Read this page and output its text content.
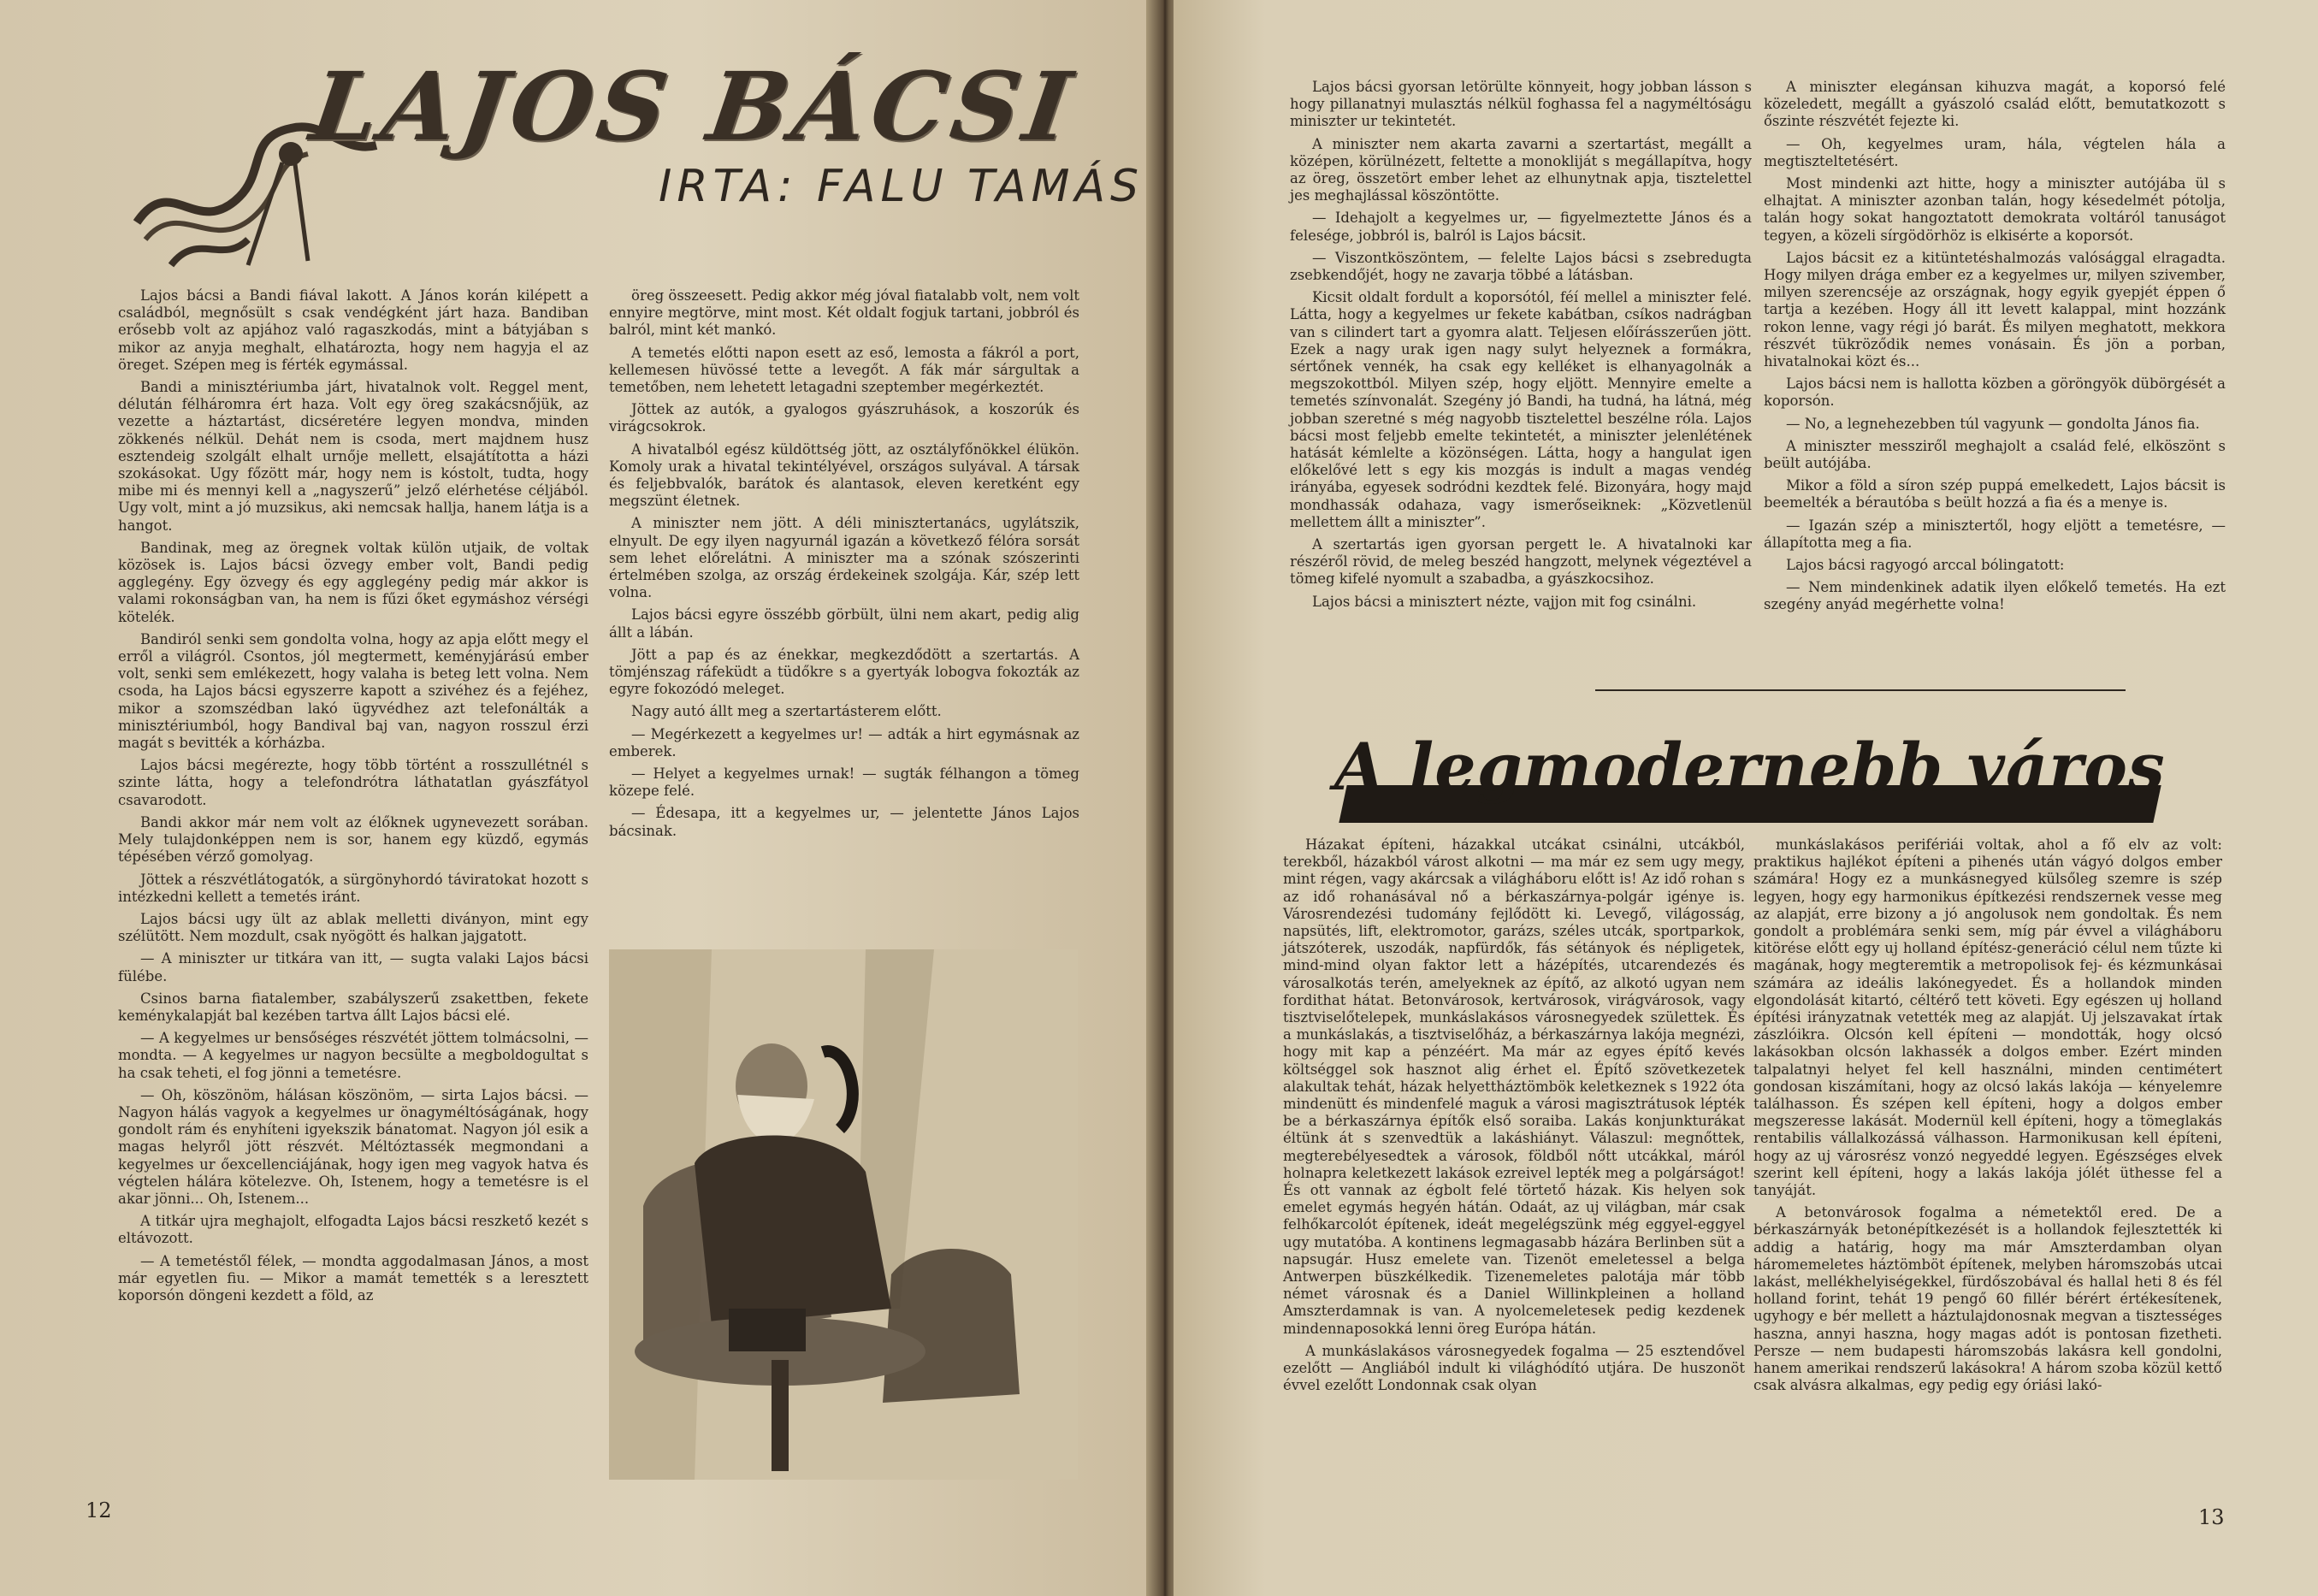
LAJOS BÁCSI
IRTA: FALU TAMÁS

Lajos bácsi a Bandi fiával lakott. A János korán kilépett a családból, megnősült s csak vendégként járt haza. Bandiban erősebb volt az apjához való ragaszkodás, mint a bátyjában s mikor az anyja meghalt, elhatározta, hogy nem hagyja el az öreget. Szépen meg is férték egymással.

Bandi a minisztériumba járt, hivatalnok volt. Reggel ment, délután félháromra ért haza. Volt egy öreg szakácsnőjük, az vezette a háztartást, dicséretére legyen mondva, minden zökkenés nélkül. Dehát nem is csoda, mert majdnem husz esztendeig szolgált elhalt urnője mellett, elsajátította a házi szokásokat. Ugy főzött már, hogy nem is kóstolt, tudta, hogy mibe mi és mennyi kell a „nagyszerű” jelző elérhetése céljából. Ugy volt, mint a jó muzsikus, aki nemcsak hallja, hanem látja is a hangot.

Bandinak, meg az öregnek voltak külön utjaik, de voltak közösek is. Lajos bácsi özvegy ember volt, Bandi pedig agglegény. Egy özvegy és egy agglegény pedig már akkor is valami rokonságban van, ha nem is fűzi őket egymáshoz vérségi kötelék.

Bandiról senki sem gondolta volna, hogy az apja előtt megy el erről a világról. Csontos, jól megtermett, keményjárású ember volt, senki sem emlékezett, hogy valaha is beteg lett volna. Nem csoda, ha Lajos bácsi egyszerre kapott a szivéhez és a fejéhez, mikor a szomszédban lakó ügyvédhez azt telefonálták a minisztériumból, hogy Bandival baj van, nagyon rosszul érzi magát s bevitték a kórházba.

Lajos bácsi megérezte, hogy több történt a rosszullétnél s szinte látta, hogy a telefondrótra láthatatlan gyászfátyol csavarodott.

Bandi akkor már nem volt az élőknek ugynevezett sorában. Mely tulajdonképpen nem is sor, hanem egy küzdő, egymás tépésében vérző gomolyag.

Jöttek a részvétlátogatók, a sürgönyhordó táviratokat hozott s intézkedni kellett a temetés iránt.

Lajos bácsi ugy ült az ablak melletti diványon, mint egy szélütött. Nem mozdult, csak nyögött és halkan jajgatott.

— A miniszter ur titkára van itt, — sugta valaki Lajos bácsi fülébe.

Csinos barna fiatalember, szabályszerű zsakettben, fekete keménykalapját bal kezében tartva állt Lajos bácsi elé.

— A kegyelmes ur bensőséges részvétét jöttem tolmácsolni, — mondta. — A kegyelmes ur nagyon becsülte a megboldogultat s ha csak teheti, el fog jönni a temetésre.

— Oh, köszönöm, hálásan köszönöm, — sirta Lajos bácsi. — Nagyon hálás vagyok a kegyelmes ur önagyméltóságának, hogy gondolt rám és enyhíteni igyekszik bánatomat. Nagyon jól esik a magas helyről jött részvét. Méltóztassék megmondani a kegyelmes ur őexcellenciájának, hogy igen meg vagyok hatva és végtelen hálára kötelezve. Oh, Istenem, hogy a temetésre is el akar jönni... Oh, Istenem...

A titkár ujra meghajolt, elfogadta Lajos bácsi reszkető kezét s eltávozott.

— A temetéstől félek, — mondta aggodalmasan János, a most már egyetlen fiu. — Mikor a mamát temették s a leresztett koporsón döngeni kezdett a föld, az

öreg összeesett. Pedig akkor még jóval fiatalabb volt, nem volt ennyire megtörve, mint most. Két oldalt fogjuk tartani, jobbról és balról, mint két mankó.

A temetés előtti napon esett az eső, lemosta a fákról a port, kellemesen hüvössé tette a levegőt. A fák már sárgultak a temetőben, nem lehetett letagadni szeptember megérkeztét.

Jöttek az autók, a gyalogos gyászruhások, a koszorúk és virágcsokrok.

A hivatalból egész küldöttség jött, az osztályfőnökkel élükön. Komoly urak a hivatal tekintélyével, országos sulyával. A társak és feljebbvalók, barátok és alantasok, eleven keretként egy megszünt életnek.

A miniszter nem jött. A déli minisztertanács, ugylátszik, elnyult. De egy ilyen nagyurnál igazán a következő félóra sorsát sem lehet előrelátni. A miniszter ma a szónak szószerinti értelmében szolga, az ország érdekeinek szolgája. Kár, szép lett volna.

Lajos bácsi egyre összébb görbült, ülni nem akart, pedig alig állt a lábán.

Jött a pap és az énekkar, megkezdődött a szertartás. A tömjénszag ráfeküdt a tüdőkre s a gyertyák lobogva fokozták az egyre fokozódó meleget.

Nagy autó állt meg a szertartásterem előtt.

— Megérkezett a kegyelmes ur! — adták a hirt egymásnak az emberek.

— Helyet a kegyelmes urnak! — sugták félhangon a tömeg közepe felé.

— Édesapa, itt a kegyelmes ur, — jelentette János Lajos bácsinak.

12

Lajos bácsi gyorsan letörülte könnyeit, hogy jobban lásson s hogy pillanatnyi mulasztás nélkül foghassa fel a nagyméltóságu miniszter ur tekintetét.

A miniszter nem akarta zavarni a szertartást, megállt a középen, körülnézett, feltette a monokliját s megállapítva, hogy az öreg, összetört ember lehet az elhunytnak apja, tisztelettel jes meghajlással köszöntötte.

— Idehajolt a kegyelmes ur, — figyelmeztette János és a felesége, jobbról is, balról is Lajos bácsit.

— Viszontköszöntem, — felelte Lajos bácsi s zsebredugta zsebkendőjét, hogy ne zavarja többé a látásban.

Kicsit oldalt fordult a koporsótól, féí mellel a miniszter felé. Látta, hogy a kegyelmes ur fekete kabátban, csíkos nadrágban van s cilindert tart a gyomra alatt. Teljesen előírásszerűen jött. Ezek a nagy urak igen nagy sulyt helyeznek a formákra, sértőnek vennék, ha csak egy kelléket is elhanyagolnák a megszokottból. Milyen szép, hogy eljött. Mennyire emelte a temetés színvonalát. Szegény jó Bandi, ha tudná, ha látná, még jobban szeretné s még nagyobb tisztelettel beszélne róla. Lajos bácsi most feljebb emelte tekintetét, a miniszter jelenlétének hatását kémlelte a közönségen. Látta, hogy a hangulat igen előkelővé lett s egy kis mozgás is indult a magas vendég irányába, egyesek sodródni kezdtek felé. Bizonyára, hogy majd mondhassák odahaza, vagy ismerőseiknek: „Közvetlenül mellettem állt a miniszter”.

A szertartás igen gyorsan pergett le. A hivatalnoki kar részéről rövid, de meleg beszéd hangzott, melynek végeztével a tömeg kifelé nyomult a szabadba, a gyászkocsihoz.

Lajos bácsi a minisztert nézte, vajjon mit fog csinálni.

A miniszter elegánsan kihuzva magát, a koporsó felé közeledett, megállt a gyászoló család előtt, bemutatkozott s őszinte részvétét fejezte ki.

— Oh, kegyelmes uram, hála, végtelen hála a megtiszteltetésért.

Most mindenki azt hitte, hogy a miniszter autójába ül s elhajtat. A miniszter azonban talán, hogy késedelmét pótolja, talán hogy sokat hangoztatott demokrata voltáról tanuságot tegyen, a közeli sírgödörhöz is elkisérte a koporsót.

Lajos bácsit ez a kitüntetéshalmozás valósággal elragadta. Hogy milyen drága ember ez a kegyelmes ur, milyen szivember, milyen szerencséje az országnak, hogy egyik gyepjét éppen ő tartja a kezében. Hogy áll itt levett kalappal, mint hozzánk rokon lenne, vagy régi jó barát. És milyen meghatott, mekkora részvét tükröződik nemes vonásain. És jön a porban, hivatalnokai közt és...

Lajos bácsi nem is hallotta közben a göröngyök dübörgését a koporsón.

— No, a legnehezebben túl vagyunk — gondolta János fia.

A miniszter messziről meghajolt a család felé, elköszönt s beült autójába.

Mikor a föld a síron szép puppá emelkedett, Lajos bácsit is beemelték a bérautóba s beült hozzá a fia és a menye is.

— Igazán szép a minisztertől, hogy eljött a temetésre, — állapította meg a fia.

Lajos bácsi ragyogó arccal bólingatott:

— Nem mindenkinek adatik ilyen előkelő temetés. Ha ezt szegény anyád megérhette volna!

A legmodernebb város

Házakat építeni, házakkal utcákat csinálni, utcákból, terekből, házakból várost alkotni — ma már ez sem ugy megy, mint régen, vagy akárcsak a világháboru előtt is! Az idő rohan s az idő rohanásával nő a bérkaszárnya-polgár igénye is. Városrendezési tudomány fejlődött ki. Levegő, világosság, napsütés, lift, elektromotor, garázs, széles utcák, sportparkok, játszóterek, uszodák, napfürdők, fás sétányok és népligetek, mind-mind olyan faktor lett a házépítés, utcarendezés és városalkotás terén, amelyeknek az építő, az alkotó ugyan nem fordithat hátat. Betonvárosok, kertvárosok, virágvárosok, vagy tisztviselőtelepek, munkáslakásos városnegyedek születtek. És a munkáslakás, a tisztviselőház, a bérkaszárnya lakója megnézi, hogy mit kap a pénzéért. Ma már az egyes építő kevés költséggel sok hasznot alig érhet el. Építő szövetkezetek alakultak tehát, házak helyettháztömbök keletkeznek s 1922 óta mindenütt és mindenfelé maguk a városi magisztrátusok lépték be a bérkaszárnya építők első soraiba. Lakás konjunkturákat éltünk át s szenvedtük a lakáshiányt. Válaszul: megnőttek, megterebélyesedtek a városok, földből nőtt utcákkal, máról holnapra keletkezett lakások ezreivel lepték meg a polgárságot! És ott vannak az égbolt felé törtető házak. Kis helyen sok emelet egymás hegyén hátán. Odaát, az uj világban, már csak felhőkarcolót építenek, ideát megelégszünk még eggyel-eggyel ugy mutatóba. A kontinens legmagasabb házára Berlinben süt a napsugár. Husz emelete van. Tizenöt emeletessel a belga Antwerpen büszkélkedik. Tizenemeletes palotája már több német városnak és a Daniel Willinkpleinen a holland Amszterdamnak is van. A nyolcemeletesek pedig kezdenek mindennaposokká lenni öreg Európa hátán.

A munkáslakásos városnegyedek fogalma — 25 esztendővel ezelőtt — Angliából indult ki világhódító utjára. De huszonöt évvel ezelőtt Londonnak csak olyan

munkáslakásos perifériái voltak, ahol a fő elv az volt: praktikus hajlékot építeni a pihenés után vágyó dolgos ember számára! Hogy ez a munkásnegyed külsőleg szemre is szép legyen, hogy egy harmonikus építkezési rendszernek vesse meg az alapját, erre bizony a jó angolusok nem gondoltak. És nem gondolt a problémára senki sem, míg pár évvel a világháboru kitörése előtt egy uj holland építész-generáció célul nem tűzte ki magának, hogy megteremtik a metropolisok fej- és kézmunkásai számára az ideális lakónegyedet. És a hollandok minden elgondolását kitartó, céltérő tett követi. Egy egészen uj holland építési irányzatnak vetették meg az alapját. Uj jelszavakat írtak zászlóikra. Olcsón kell építeni — mondották, hogy olcsó lakásokban olcsón lakhassék a dolgos ember. Ezért minden talpalatnyi helyet fel kell használni, minden centimétert gondosan kiszámítani, hogy az olcsó lakás lakója — kényelemre találhasson. És szépen kell építeni, hogy a dolgos ember megszeresse lakását. Modernül kell építeni, hogy a tömeglakás rentabilis vállalkozássá válhasson. Harmonikusan kell építeni, hogy az uj városrész vonzó negyeddé legyen. Egészséges elvek szerint kell építeni, hogy a lakás lakója jólét üthesse fel a tanyáját.

A betonvárosok fogalma a németektől ered. De a bérkaszárnyák betonépítkezését is a hollandok fejlesztették ki addig a határig, hogy ma már Amszterdamban olyan háromemeletes háztömböt építenek, melyben háromszobás utcai lakást, mellékhelyiségekkel, fürdőszobával és hallal heti 8 és fél holland forint, tehát 19 pengő 60 fillér bérért értékesítenek, ugyhogy e bér mellett a háztulajdonosnak megvan a tisztességes haszna, annyi haszna, hogy magas adót is pontosan fizetheti. Persze — nem budapesti háromszobás lakásra kell gondolni, hanem amerikai rendszerű lakásokra! A három szoba közül kettő csak alvásra alkalmas, egy pedig egy óriási lakó-

13
